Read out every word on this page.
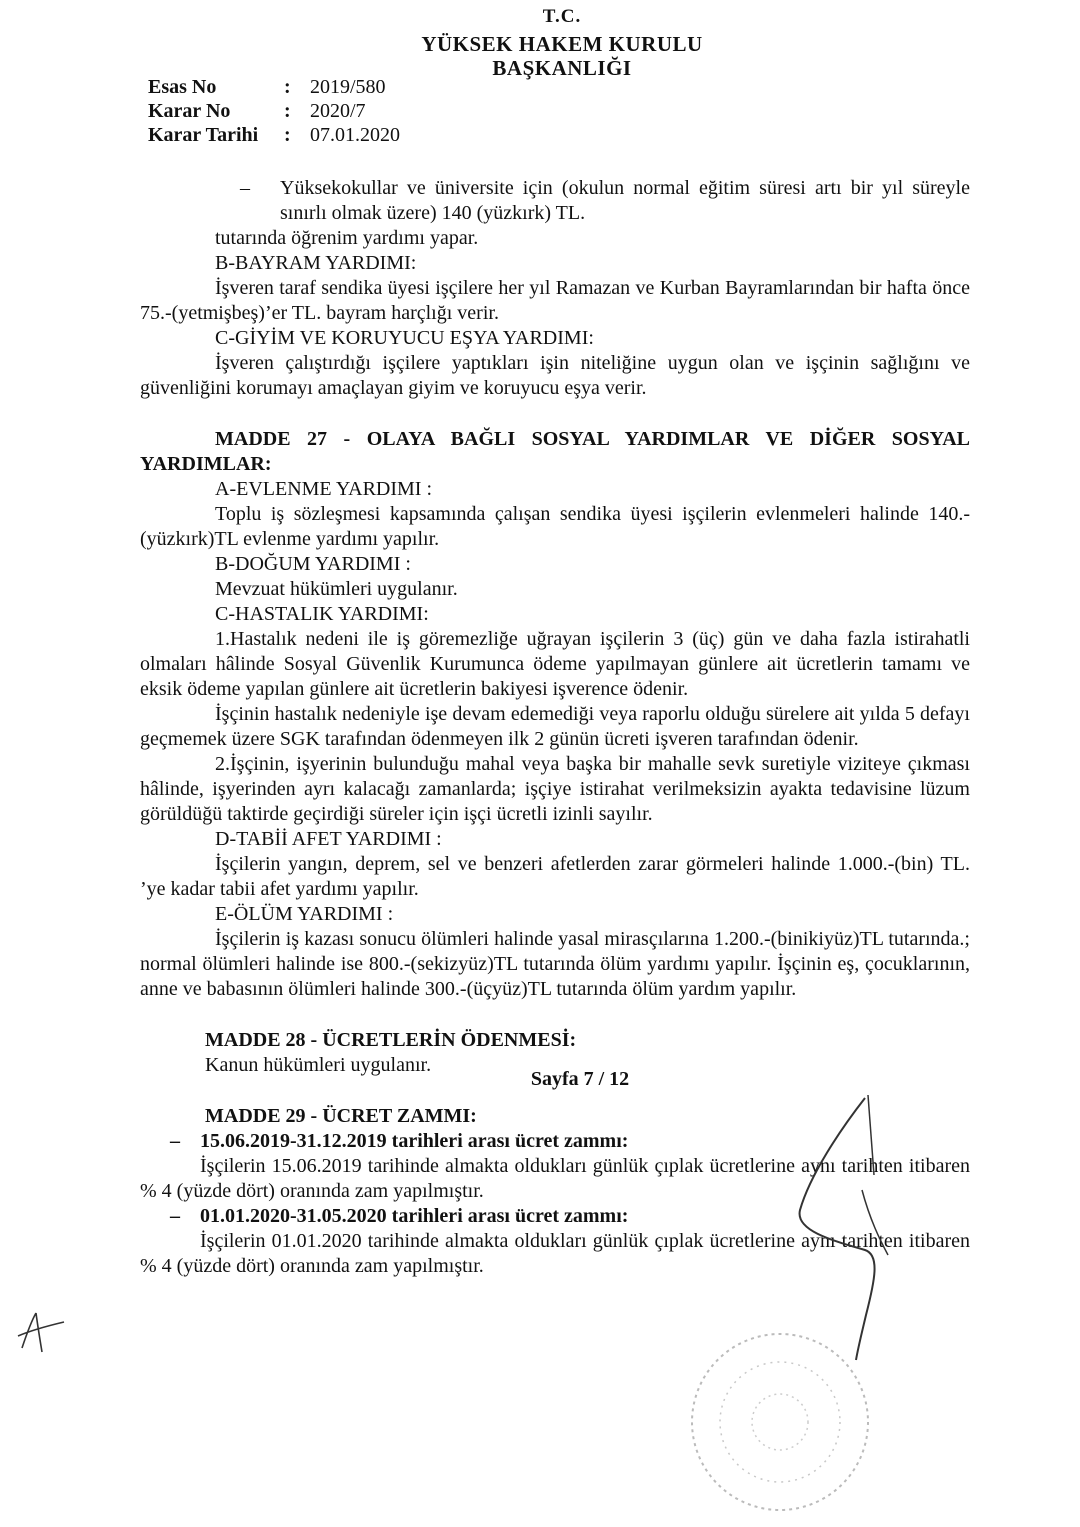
T.C.
YÜKSEK HAKEM KURULU
BAŞKANLIĞI
Esas No	: 2019/580
Karar No	: 2020/7
Karar Tarihi : 07.01.2020

– Yüksekokullar ve üniversite için (okulun normal eğitim süresi artı bir yıl süreyle sınırlı olmak üzere) 140 (yüzkırk) TL.

tutarında öğrenim yardımı yapar.

B-BAYRAM YARDIMI:

İşveren taraf sendika üyesi işçilere her yıl Ramazan ve Kurban Bayramlarından bir hafta önce 75.-(yetmişbeş)’er TL. bayram harçlığı verir.

C-GİYİM VE KORUYUCU EŞYA YARDIMI:

İşveren çalıştırdığı işçilere yaptıkları işin niteliğine uygun olan ve işçinin sağlığını ve güvenliğini korumayı amaçlayan giyim ve koruyucu eşya verir.

MADDE 27 - OLAYA BAĞLI SOSYAL YARDIMLAR VE DİĞER SOSYAL YARDIMLAR:

A-EVLENME YARDIMI :

Toplu iş sözleşmesi kapsamında çalışan sendika üyesi işçilerin evlenmeleri halinde 140.-(yüzkırk)TL evlenme yardımı yapılır.

B-DOĞUM YARDIMI :

Mevzuat hükümleri uygulanır.

C-HASTALIK YARDIMI:

1.Hastalık nedeni ile iş göremezliğe uğrayan işçilerin 3 (üç) gün ve daha fazla istirahatli olmaları hâlinde Sosyal Güvenlik Kurumunca ödeme yapılmayan günlere ait ücretlerin tamamı ve eksik ödeme yapılan günlere ait ücretlerin bakiyesi işverence ödenir.

İşçinin hastalık nedeniyle işe devam edemediği veya raporlu olduğu sürelere ait yılda 5 defayı geçmemek üzere SGK tarafından ödenmeyen ilk 2 günün ücreti işveren tarafından ödenir.

2.İşçinin, işyerinin bulunduğu mahal veya başka bir mahalle sevk suretiyle viziteye çıkması hâlinde, işyerinden ayrı kalacağı zamanlarda; işçiye istirahat verilmeksizin ayakta tedavisine lüzum görüldüğü taktirde geçirdiği süreler için işçi ücretli izinli sayılır.

D-TABİİ AFET YARDIMI :

İşçilerin yangın, deprem, sel ve benzeri afetlerden zarar görmeleri halinde 1.000.-(bin) TL. ’ye kadar tabii afet yardımı yapılır.

E-ÖLÜM YARDIMI :

İşçilerin iş kazası sonucu ölümleri halinde yasal mirasçılarına 1.200.-(binikiyüz)TL tutarında.; normal ölümleri halinde ise 800.-(sekizyüz)TL tutarında ölüm yardımı yapılır. İşçinin eş, çocuklarının, anne ve babasının ölümleri halinde 300.-(üçyüz)TL tutarında ölüm yardım yapılır.

MADDE 28 - ÜCRETLERİN ÖDENMESİ:

Kanun hükümleri uygulanır.

MADDE 29 - ÜCRET ZAMMI:

– 15.06.2019-31.12.2019 tarihleri arası ücret zammı:

İşçilerin 15.06.2019 tarihinde almakta oldukları günlük çıplak ücretlerine aynı tarihten itibaren % 4 (yüzde dört) oranında zam yapılmıştır.

– 01.01.2020-31.05.2020 tarihleri arası ücret zammı:

İşçilerin 01.01.2020 tarihinde almakta oldukları günlük çıplak ücretlerine aynı tarihten itibaren % 4 (yüzde dört) oranında zam yapılmıştır.

Sayfa 7 / 12
